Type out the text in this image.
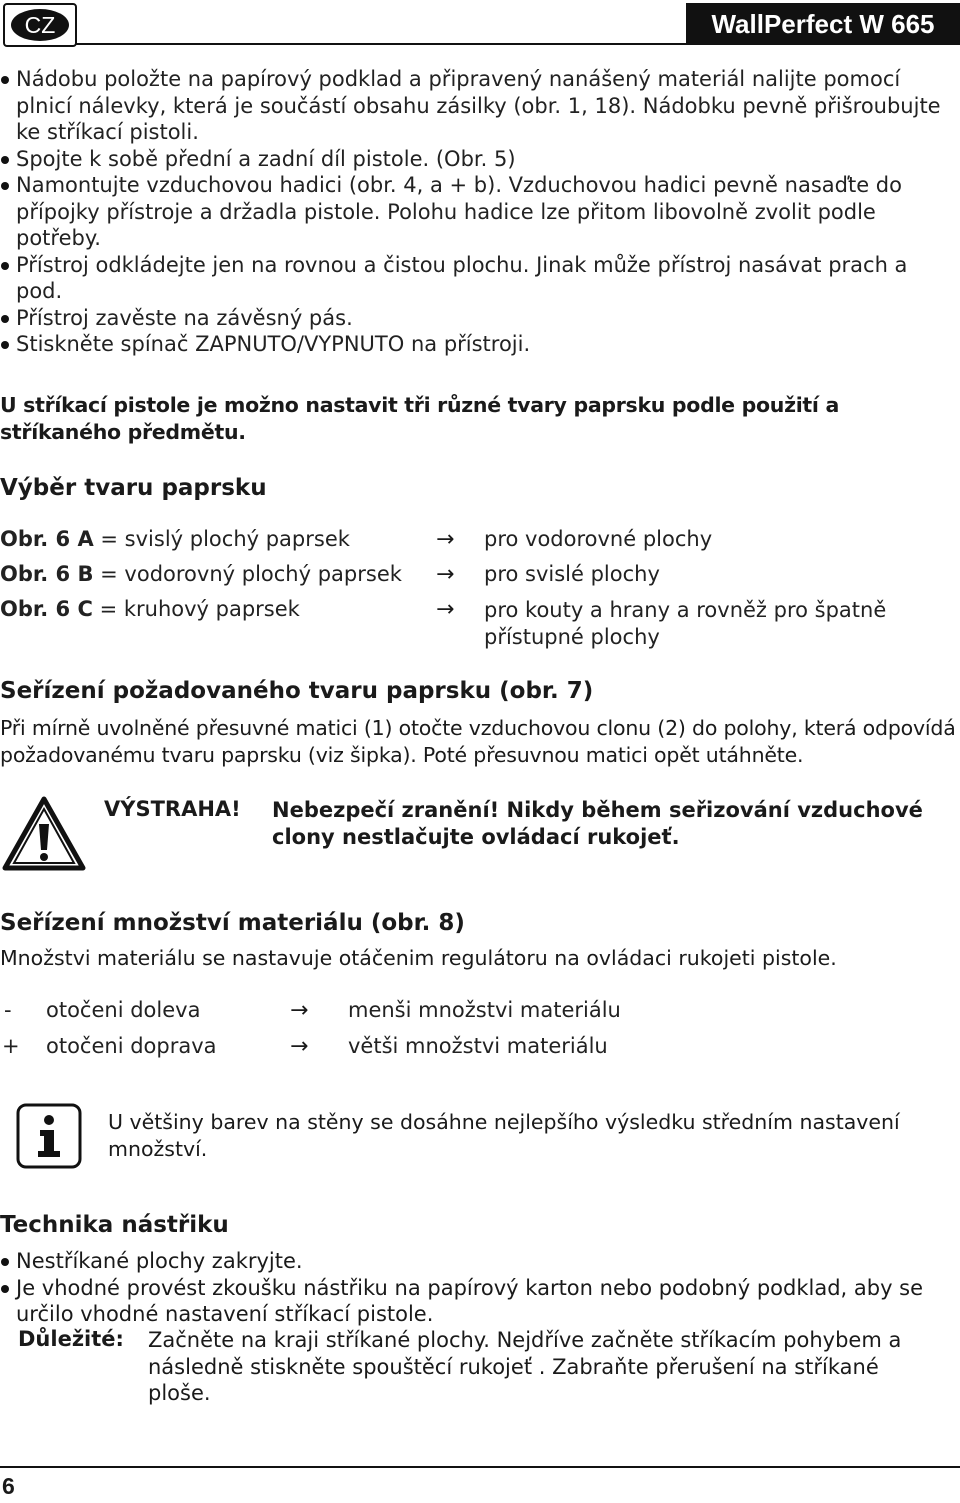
CZ	WallPerfect W 665
Nádobu položte na papírový podklad a připravený nanášený materiál nalijte pomocí plnicí nálevky, která je součástí obsahu zásilky (obr. 1, 18). Nádobku pevně přišroubujte ke stříkací pistoli.
Spojte k sobě přední a zadní díl pistole. (Obr. 5)
Namontujte vzduchovou hadici (obr. 4, a + b). Vzduchovou hadici pevně nasaďte do přípojky přístroje a držadla pistole. Polohu hadice lze přitom libovolně zvolit podle potřeby.
Přístroj odkládejte jen na rovnou a čistou plochu. Jinak může přístroj nasávat prach a pod.
Přístroj zavěste na závěsný pás.
Stiskněte spínač ZAPNUTO/VYPNUTO na přístroji.
U stříkací pistole je možno nastavit tři různé tvary paprsku podle použití a stříkaného předmětu.
Výběr tvaru paprsku
Obr. 6 A = svislý plochý paprsek	→ pro vodorovné plochy
Obr. 6 B = vodorovný plochý paprsek → pro svislé plochy
Obr. 6 C = kruhový paprsek	→ pro kouty a hrany a rovněž pro špatně přístupné plochy
Seřízení požadovaného tvaru paprsku (obr. 7)
Při mírně uvolněné přesuvné matici (1) otočte vzduchovou clonu (2) do polohy, která odpovídá požadovanému tvaru paprsku (viz šipka). Poté přesuvnou matici opět utáhněte.
VÝSTRAHA! Nebezpečí zranění! Nikdy během seřizování vzduchové clony nestlačujte ovládací rukojeť.
Seřízení množství materiálu (obr. 8)
Množstvi materiálu se nastavuje otáčenim regulátoru na ovládaci rukojeti pistole.
- otočeni doleva	→ menši množstvi materiálu
+ otočeni doprava	→ větši množstvi materiálu
U většiny barev na stěny se dosáhne nejlepšího výsledku středním nastavení množství.
Technika nástřiku
Nestříkané plochy zakryjte.
Je vhodné provést zkoušku nástřiku na papírový karton nebo podobný podklad, aby se určilo vhodné nastavení stříkací pistole.
Důležité: Začněte na kraji stříkané plochy. Nejdříve začněte stříkacím pohybem a následně stiskněte spouštěcí rukojeť . Zabraňte přerušení na stříkané ploše.
6
